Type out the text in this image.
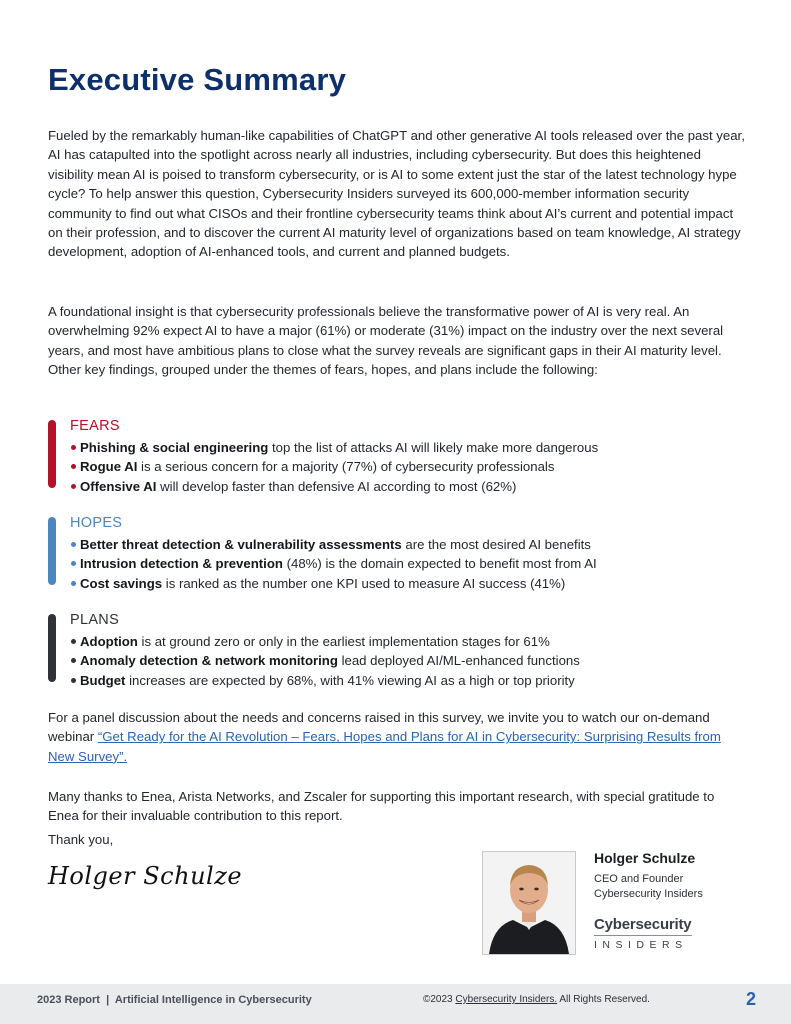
Executive Summary
Fueled by the remarkably human-like capabilities of ChatGPT and other generative AI tools released over the past year, AI has catapulted into the spotlight across nearly all industries, including cybersecurity. But does this heightened visibility mean AI is poised to transform cybersecurity, or is AI to some extent just the star of the latest technology hype cycle? To help answer this question, Cybersecurity Insiders surveyed its 600,000-member information security community to find out what CISOs and their frontline cybersecurity teams think about AI’s current and potential impact on their profession, and to discover the current AI maturity level of organizations based on team knowledge, AI strategy development, adoption of AI-enhanced tools, and current and planned budgets.
A foundational insight is that cybersecurity professionals believe the transformative power of AI is very real. An overwhelming 92% expect AI to have a major (61%) or moderate (31%) impact on the industry over the next several years, and most have ambitious plans to close what the survey reveals are significant gaps in their AI maturity level. Other key findings, grouped under the themes of fears, hopes, and plans include the following:
FEARS
Phishing & social engineering top the list of attacks AI will likely make more dangerous
Rogue AI is a serious concern for a majority (77%) of cybersecurity professionals
Offensive AI will develop faster than defensive AI according to most (62%)
HOPES
Better threat detection & vulnerability assessments are the most desired AI benefits
Intrusion detection & prevention (48%) is the domain expected to benefit most from AI
Cost savings is ranked as the number one KPI used to measure AI success (41%)
PLANS
Adoption is at ground zero or only in the earliest implementation stages for 61%
Anomaly detection & network monitoring lead deployed AI/ML-enhanced functions
Budget increases are expected by 68%, with 41% viewing AI as a high or top priority
For a panel discussion about the needs and concerns raised in this survey, we invite you to watch our on-demand webinar “Get Ready for the AI Revolution – Fears, Hopes and Plans for AI in Cybersecurity: Surprising Results from New Survey”.
Many thanks to Enea, Arista Networks, and Zscaler for supporting this important research, with special gratitude to Enea for their invaluable contribution to this report.
Thank you,
Holger Schulze
Holger Schulze
CEO and Founder
Cybersecurity Insiders
Cybersecurity
INSIDERS
2023 Report  |  Artificial Intelligence in Cybersecurity	©2023 Cybersecurity Insiders. All Rights Reserved.	2
